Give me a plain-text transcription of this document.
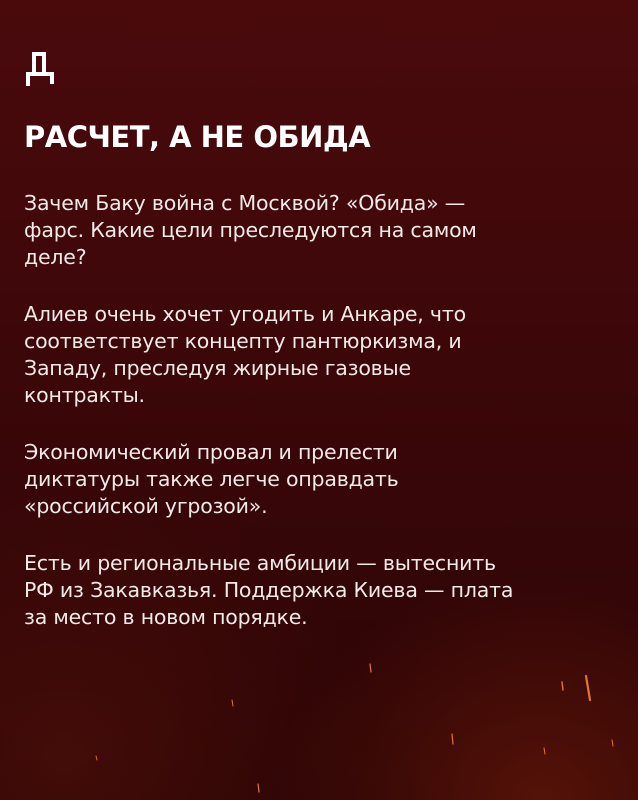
РАСЧЕТ, А НЕ ОБИДА

Зачем Баку война с Москвой? «Обида» —
фарс. Какие цели преследуются на самом
деле?

Алиев очень хочет угодить и Анкаре, что
соответствует концепту пантюркизма, и
Западу, преследуя жирные газовые
контракты.

Экономический провал и прелести
диктатуры также легче оправдать
«российской угрозой».

Есть и региональные амбиции — вытеснить
РФ из Закавказья. Поддержка Киева — плата
за место в новом порядке.
